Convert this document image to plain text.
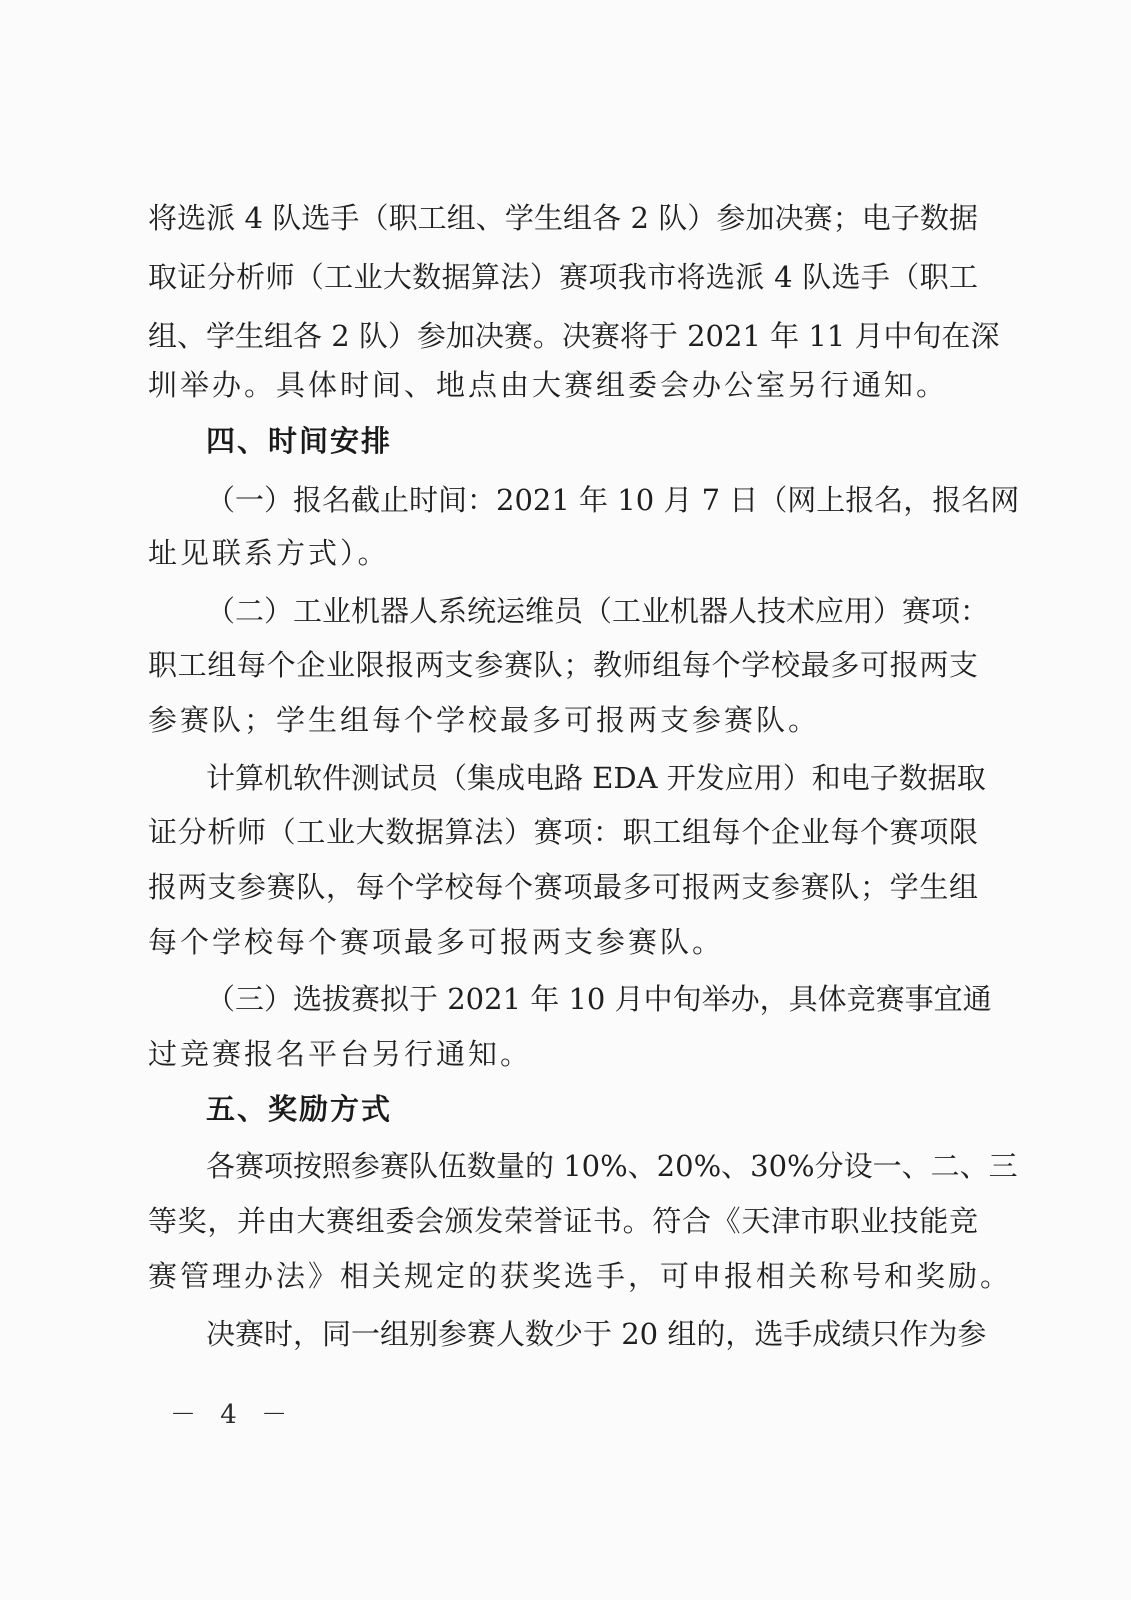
将选派 4 队选手（职工组、学生组各 2 队）参加决赛；电子数据
取证分析师（工业大数据算法）赛项我市将选派 4 队选手（职工
组、学生组各 2 队）参加决赛。决赛将于 2021 年 11 月中旬在深
圳举办。具体时间、地点由大赛组委会办公室另行通知。
四、时间安排
（一）报名截止时间：2021 年 10 月 7 日（网上报名，报名网
址见联系方式）。
（二）工业机器人系统运维员（工业机器人技术应用）赛项：
职工组每个企业限报两支参赛队；教师组每个学校最多可报两支
参赛队；学生组每个学校最多可报两支参赛队。
计算机软件测试员（集成电路 EDA 开发应用）和电子数据取
证分析师（工业大数据算法）赛项：职工组每个企业每个赛项限
报两支参赛队，每个学校每个赛项最多可报两支参赛队；学生组
每个学校每个赛项最多可报两支参赛队。
（三）选拔赛拟于 2021 年 10 月中旬举办，具体竞赛事宜通
过竞赛报名平台另行通知。
五、奖励方式
各赛项按照参赛队伍数量的 10%、20%、30%分设一、二、三
等奖，并由大赛组委会颁发荣誉证书。符合《天津市职业技能竞
赛管理办法》相关规定的获奖选手，可申报相关称号和奖励。
决赛时，同一组别参赛人数少于 20 组的，选手成绩只作为参
－ 4 －
